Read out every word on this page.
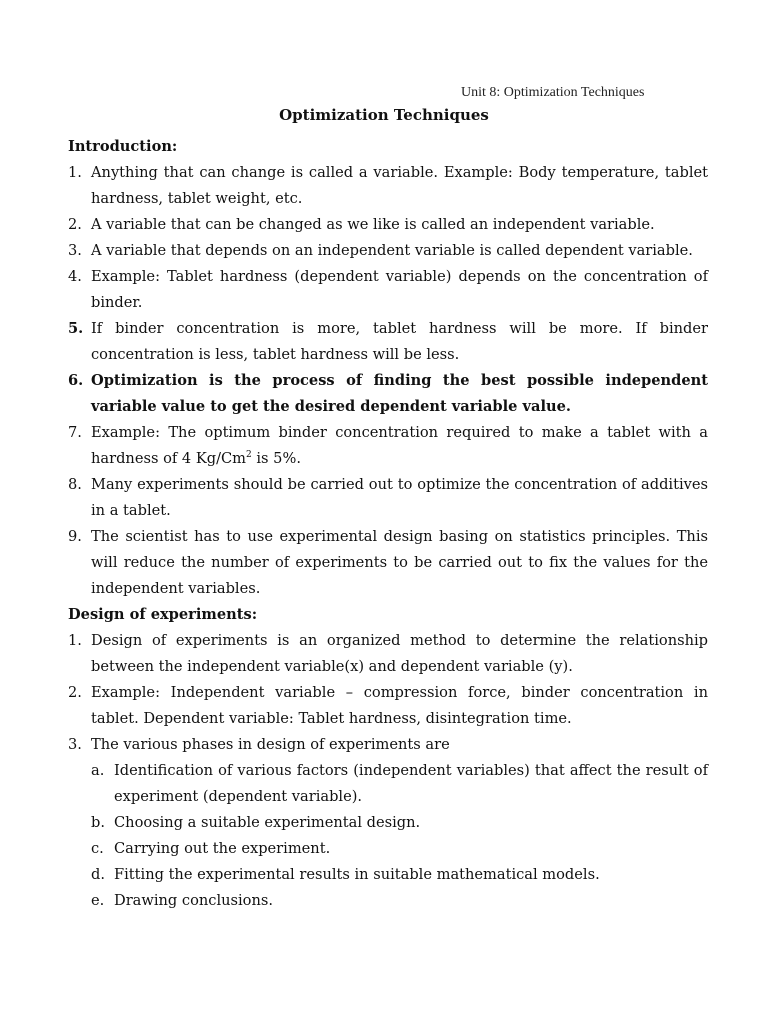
Unit 8: Optimization Techniques
Optimization Techniques

Introduction:

1. Anything that can change is called a variable. Example: Body temperature, tablet hardness, tablet weight, etc.
2. A variable that can be changed as we like is called an independent variable.
3. A variable that depends on an independent variable is called dependent variable.
4. Example: Tablet hardness (dependent variable) depends on the concentration of binder.
5. If binder concentration is more, tablet hardness will be more. If binder concentration is less, tablet hardness will be less.
6. Optimization is the process of finding the best possible independent variable value to get the desired dependent variable value.
7. Example: The optimum binder concentration required to make a tablet with a hardness of 4 Kg/Cm$^2$ is 5%.
8. Many experiments should be carried out to optimize the concentration of additives in a tablet.
9. The scientist has to use experimental design basing on statistics principles. This will reduce the number of experiments to be carried out to fix the values for the independent variables.

Design of experiments:

1. Design of experiments is an organized method to determine the relationship between the independent variable(x) and dependent variable (y).
2. Example: Independent variable – compression force, binder concentration in tablet. Dependent variable: Tablet hardness, disintegration time.
3. The various phases in design of experiments are
a. Identification of various factors (independent variables) that affect the result of experiment (dependent variable).
b. Choosing a suitable experimental design.
c. Carrying out the experiment.
d. Fitting the experimental results in suitable mathematical models.
e. Drawing conclusions.
